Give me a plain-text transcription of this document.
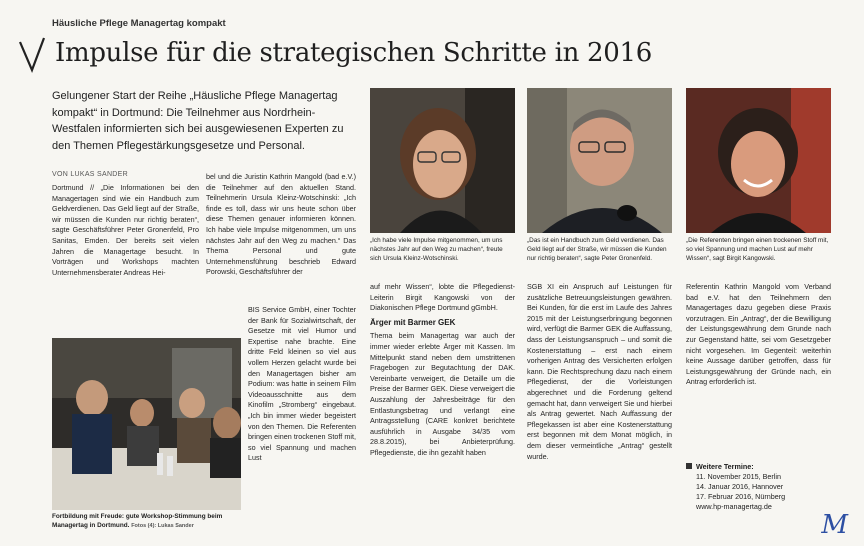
Häusliche Pflege Managertag kompakt
Impulse für die strategischen Schritte in 2016
Gelungener Start der Reihe „Häusliche Pflege Managertag kompakt“ in Dortmund: Die Teilnehmer aus Nordrhein-Westfalen informierten sich bei ausgewiesenen Experten zu den Themen Pflegestärkungsgesetze und Personal.
VON LUKAS SANDER

Dortmund // „Die Informationen bei den Managertagen sind wie ein Handbuch zum Geldverdienen. Das Geld liegt auf der Straße, wir müssen die Kunden nur richtig beraten“, sagte Geschäftsführer Peter Gronenfeld, Pro Sanitas, Emden. Der bereits seit vielen Jahren die Managertage besucht. In Vorträgen und Workshops machten Unternehmensberater Andreas Hei-

bel und die Juristin Kathrin Mangold (bad e.V.) die Teilnehmer auf den aktuellen Stand. Teilnehmerin Ursula Kleinz-Wotschinski: „Ich finde es toll, dass wir uns heute schon über diese Themen genauer informieren können. Ich habe viele Impulse mitgenommen, um uns nächstes Jahr auf den Weg zu machen.“ Das Thema Personal und gute Unternehmensführung beschrieb Edward Porowski, Geschäftsführer der

BIS Service GmbH, einer Tochter der Bank für Sozialwirtschaft, der Gesetze mit viel Humor und Expertise nahe brachte. Eine dritte Feld kleinen so viel aus vollem Herzen gelacht wurde bei den Managertagen bisher am Podium: was hatte in seinem Film Videoausschnitte aus dem Kinofilm „Stromberg“ eingebaut. „Ich bin immer wieder begeistert von den Themen. Die Referenten bringen einen trockenen Stoff mit, so viel Spannung und machen Lust

Fortbildung mit Freude: gute Workshop-Stimmung beim Managertag in Dortmund. Fotos (4): Lukas Sander
„Ich habe viele Impulse mitgenommen, um uns nächstes Jahr auf den Weg zu machen“, freute sich Ursula Kleinz-Wotschinski.
„Das ist ein Handbuch zum Geld verdienen. Das Geld liegt auf der Straße, wir müssen die Kunden nur richtig beraten“, sagte Peter Gronenfeld.
„Die Referenten bringen einen trockenen Stoff mit, so viel Spannung und machen Lust auf mehr Wissen“, sagt Birgit Kangowski.

auf mehr Wissen“, lobte die Pflegedienst-Leiterin Birgit Kangowski von der Diakonischen Pflege Dortmund gGmbH.

Ärger mit Barmer GEK

Thema beim Managertag war auch der immer wieder erlebte Ärger mit Kassen. Im Mittelpunkt stand neben dem umstrittenen Fragebogen zur Begutachtung der DAK. Vereinbarte verweigert, die Detaille um die Preise der Barmer GEK. Diese verweigert die Auszahlung der Jahresbeiträge für den Entlastungsbetrag und verlangt eine Antragsstellung (CARE konkret berichtete ausführlich in Ausgabe 34/35 vom 28.8.2015), bei Anbieterprüfung. Pflegedienste, die ihn gezahlt haben

SGB XI ein Anspruch auf Leistungen für zusätzliche Betreuungsleistungen gewähren. Bei Kunden, für die erst im Laufe des Jahres 2015 mit der Leistungserbringung begonnen wird, verfügt die Barmer GEK die Auffassung, dass der Leistungsanspruch – und somit die Kostenerstattung – erst nach einem vorherigen Antrag des Versicherten erfolgen kann. Die Rechtsprechung dazu nach einem Pflegedienst, der die Vorleistungen abgerechnet und die Forderung geltend gemacht hat, dann verweigert Sie und hierbei als Antrag gewertet. Nach Auffassung der Pflegekassen ist aber eine Kostenerstattung erst begonnen mit dem Monat möglich, in dem dieser vermeintliche „Antrag“ gestellt wurde.

Referentin Kathrin Mangold vom Verband bad e.V. hat den Teilnehmern den Managertages dazu gegeben diese Praxis vorzutragen. Ein „Antrag“, der die Bewilligung der Leistungsgewährung dem Grunde nach zur Gegenstand hätte, sei vom Gesetzgeber nicht vorgesehen. Im Gegenteil: weiterhin keine Aussage darüber getroffen, dass für Leistungsgewährung der Gründe nach, ein Antrag erforderlich ist.

Weitere Termine:
11. November 2015, Berlin
14. Januar 2016, Hannover
17. Februar 2016, Nürnberg
www.hp-managertag.de
M
